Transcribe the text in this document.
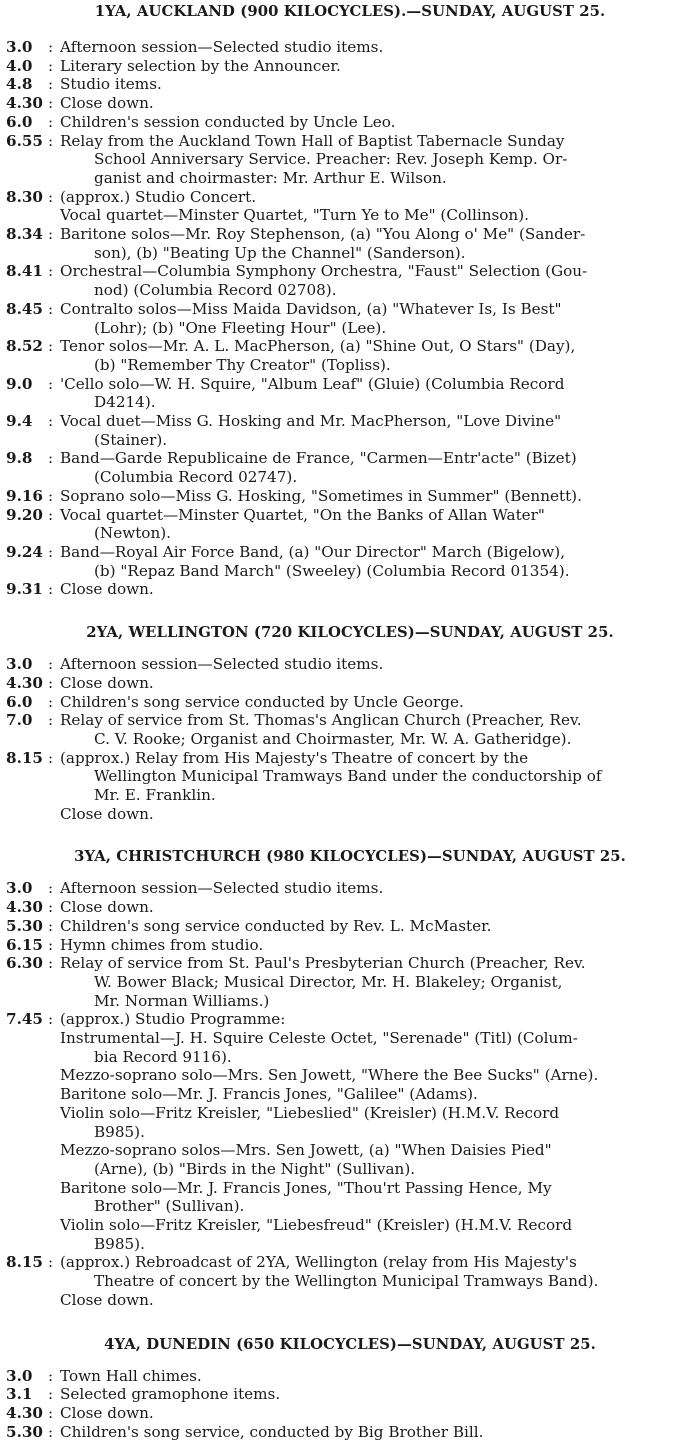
1YA, AUCKLAND (900 KILOCYCLES).—SUNDAY, AUGUST 25.
3.0	: Afternoon session—Selected studio items.
4.0	: Literary selection by the Announcer.
4.8	: Studio items.
4.30 : Close down.
6.0	: Children's session conducted by Uncle Leo.
6.55 : Relay from the Auckland Town Hall of Baptist Tabernacle Sunday
School Anniversary Service. Preacher: Rev. Joseph Kemp. Or-
ganist and choirmaster: Mr. Arthur E. Wilson.
8.30 : (approx.) Studio Concert.
Vocal quartet—Minster Quartet, "Turn Ye to Me" (Collinson).
8.34 : Baritone solos—Mr. Roy Stephenson, (a) "You Along o' Me" (Sander-
son), (b) "Beating Up the Channel" (Sanderson).
8.41 : Orchestral—Columbia Symphony Orchestra, "Faust" Selection (Gou-
nod) (Columbia Record 02708).
8.45 : Contralto solos—Miss Maida Davidson, (a) "Whatever Is, Is Best"
(Lohr); (b) "One Fleeting Hour" (Lee).
8.52 : Tenor solos—Mr. A. L. MacPherson, (a) "Shine Out, O Stars" (Day),
(b) "Remember Thy Creator" (Topliss).
9.0	: 'Cello solo—W. H. Squire, "Album Leaf" (Gluie) (Columbia Record
D4214).
9.4	: Vocal duet—Miss G. Hosking and Mr. MacPherson, "Love Divine"
(Stainer).
9.8	: Band—Garde Republicaine de France, "Carmen—Entr'acte" (Bizet)
(Columbia Record 02747).
9.16 : Soprano solo—Miss G. Hosking, "Sometimes in Summer" (Bennett).
9.20 : Vocal quartet—Minster Quartet, "On the Banks of Allan Water"
(Newton).
9.24 : Band—Royal Air Force Band, (a) "Our Director" March (Bigelow),
(b) "Repaz Band March" (Sweeley) (Columbia Record 01354).
9.31 : Close down.
2YA, WELLINGTON (720 KILOCYCLES)—SUNDAY, AUGUST 25.
3.0	: Afternoon session—Selected studio items.
4.30 : Close down.
6.0	: Children's song service conducted by Uncle George.
7.0	: Relay of service from St. Thomas's Anglican Church (Preacher, Rev.
C. V. Rooke; Organist and Choirmaster, Mr. W. A. Gatheridge).
8.15 : (approx.) Relay from His Majesty's Theatre of concert by the
Wellington Municipal Tramways Band under the conductorship of
Mr. E. Franklin.
Close down.
3YA, CHRISTCHURCH (980 KILOCYCLES)—SUNDAY, AUGUST 25.
3.0	: Afternoon session—Selected studio items.
4.30 : Close down.
5.30 : Children's song service conducted by Rev. L. McMaster.
6.15 : Hymn chimes from studio.
6.30 : Relay of service from St. Paul's Presbyterian Church (Preacher, Rev.
W. Bower Black; Musical Director, Mr. H. Blakeley; Organist,
Mr. Norman Williams.)
7.45 : (approx.) Studio Programme:
Instrumental—J. H. Squire Celeste Octet, "Serenade" (Titl) (Colum-
bia Record 9116).
Mezzo-soprano solo—Mrs. Sen Jowett, "Where the Bee Sucks" (Arne).
Baritone solo—Mr. J. Francis Jones, "Galilee" (Adams).
Violin solo—Fritz Kreisler, "Liebeslied" (Kreisler) (H.M.V. Record
B985).
Mezzo-soprano solos—Mrs. Sen Jowett, (a) "When Daisies Pied"
(Arne), (b) "Birds in the Night" (Sullivan).
Baritone solo—Mr. J. Francis Jones, "Thou'rt Passing Hence, My
Brother" (Sullivan).
Violin solo—Fritz Kreisler, "Liebesfreud" (Kreisler) (H.M.V. Record
B985).
8.15 : (approx.) Rebroadcast of 2YA, Wellington (relay from His Majesty's
Theatre of concert by the Wellington Municipal Tramways Band).
Close down.
4YA, DUNEDIN (650 KILOCYCLES)—SUNDAY, AUGUST 25.
3.0	: Town Hall chimes.
3.1	: Selected gramophone items.
4.30 : Close down.
5.30 : Children's song service, conducted by Big Brother Bill.
